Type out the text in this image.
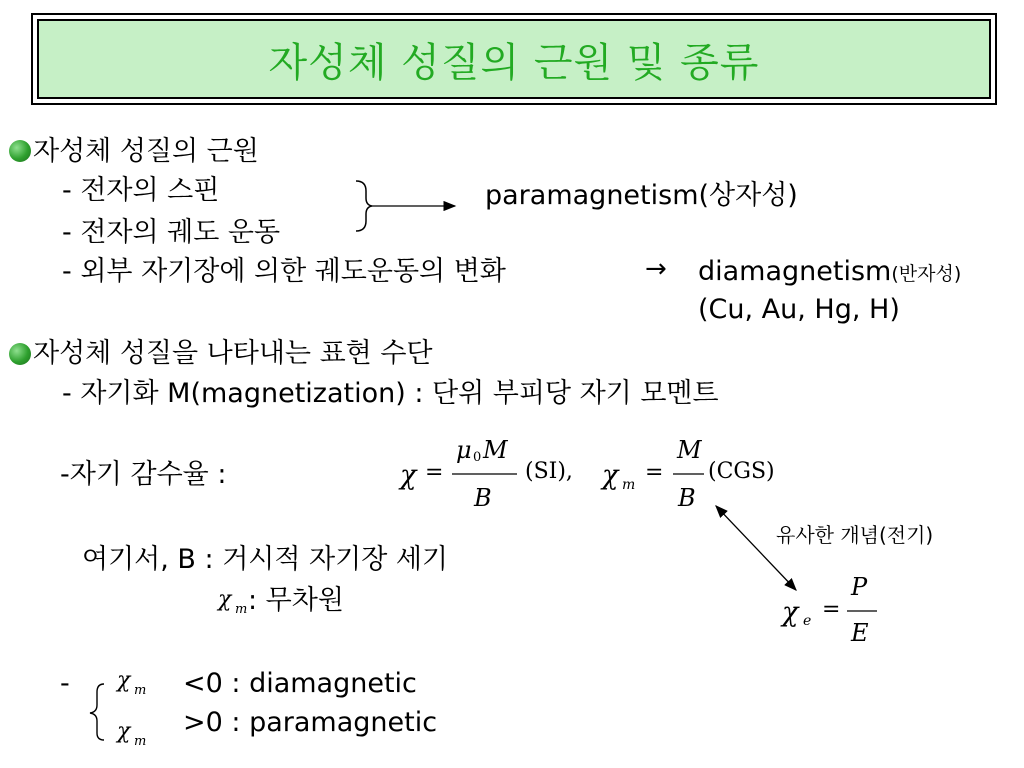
자성체 성질의 근원 및 종류
자성체 성질의 근원
- 전자의 스핀
- 전자의 궤도 운동
- 외부 자기장에 의한 궤도운동의 변화	→
paramagnetism(상자성)
diamagnetism(반자성)
(Cu, Au, Hg, H)
자성체 성질을 나타내는 표현 수단
- 자기화 M(magnetization) : 단위 부피당 자기 모멘트
-자기 감수율 :	χ =
μ 0 M
B
(SI), χ m =
M
B
(CGS)
유사한 개념(전기)
χ e =
P
E
여기서, B : 거시적 자기장 세기
χ m : 무차원
- χ m <0 : diamagnetic
χ m
>0 : paramagnetic
